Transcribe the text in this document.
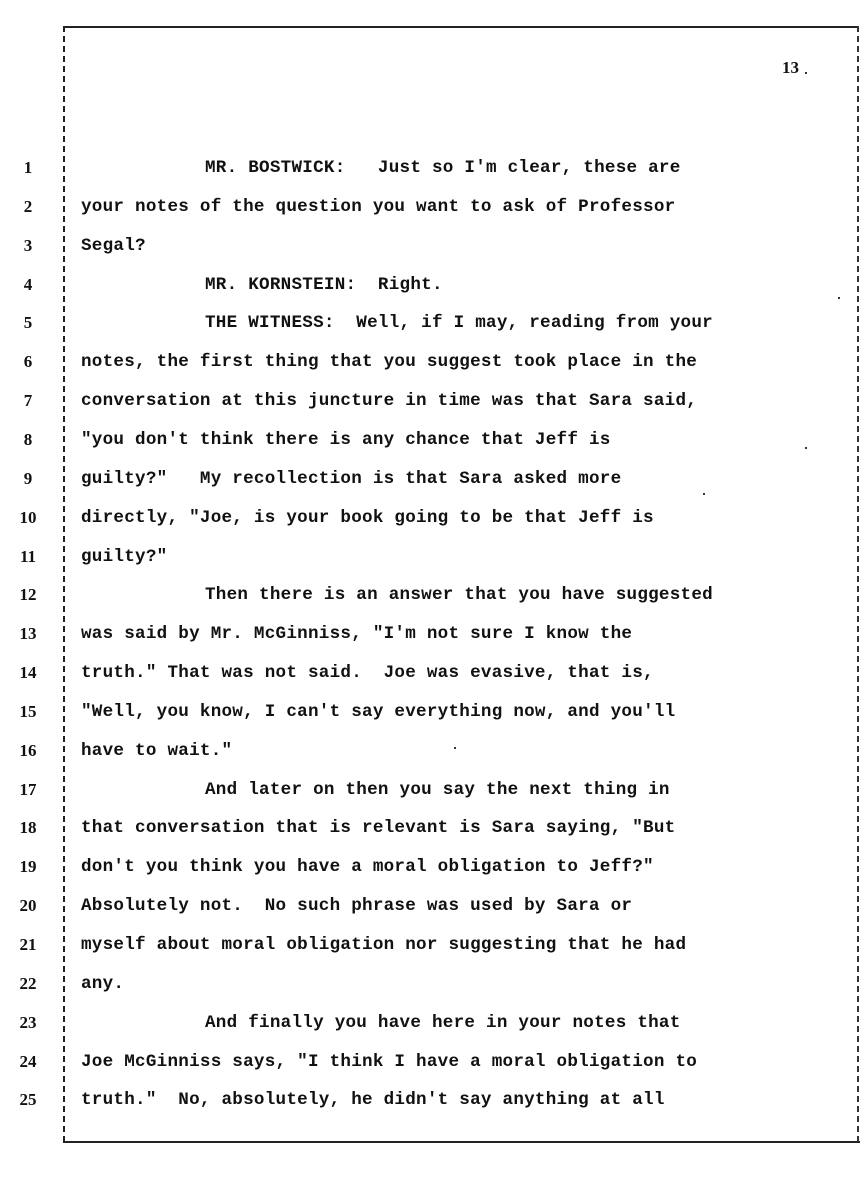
13
1	MR. BOSTWICK:   Just so I'm clear, these are
2	your notes of the question you want to ask of Professor
3	Segal?
4	MR. KORNSTEIN:  Right.
5	THE WITNESS:  Well, if I may, reading from your
6	notes, the first thing that you suggest took place in the
7	conversation at this juncture in time was that Sara said,
8	"you don't think there is any chance that Jeff is
9	guilty?"   My recollection is that Sara asked more
10	directly, "Joe, is your book going to be that Jeff is
11	guilty?"
12	Then there is an answer that you have suggested
13	was said by Mr. McGinniss, "I'm not sure I know the
14	truth." That was not said.  Joe was evasive, that is,
15	"Well, you know, I can't say everything now, and you'll
16	have to wait."
17	And later on then you say the next thing in
18	that conversation that is relevant is Sara saying, "But
19	don't you think you have a moral obligation to Jeff?"
20	Absolutely not.  No such phrase was used by Sara or
21	myself about moral obligation nor suggesting that he had
22	any.
23	And finally you have here in your notes that
24	Joe McGinniss says, "I think I have a moral obligation to
25	truth."  No, absolutely, he didn't say anything at all
